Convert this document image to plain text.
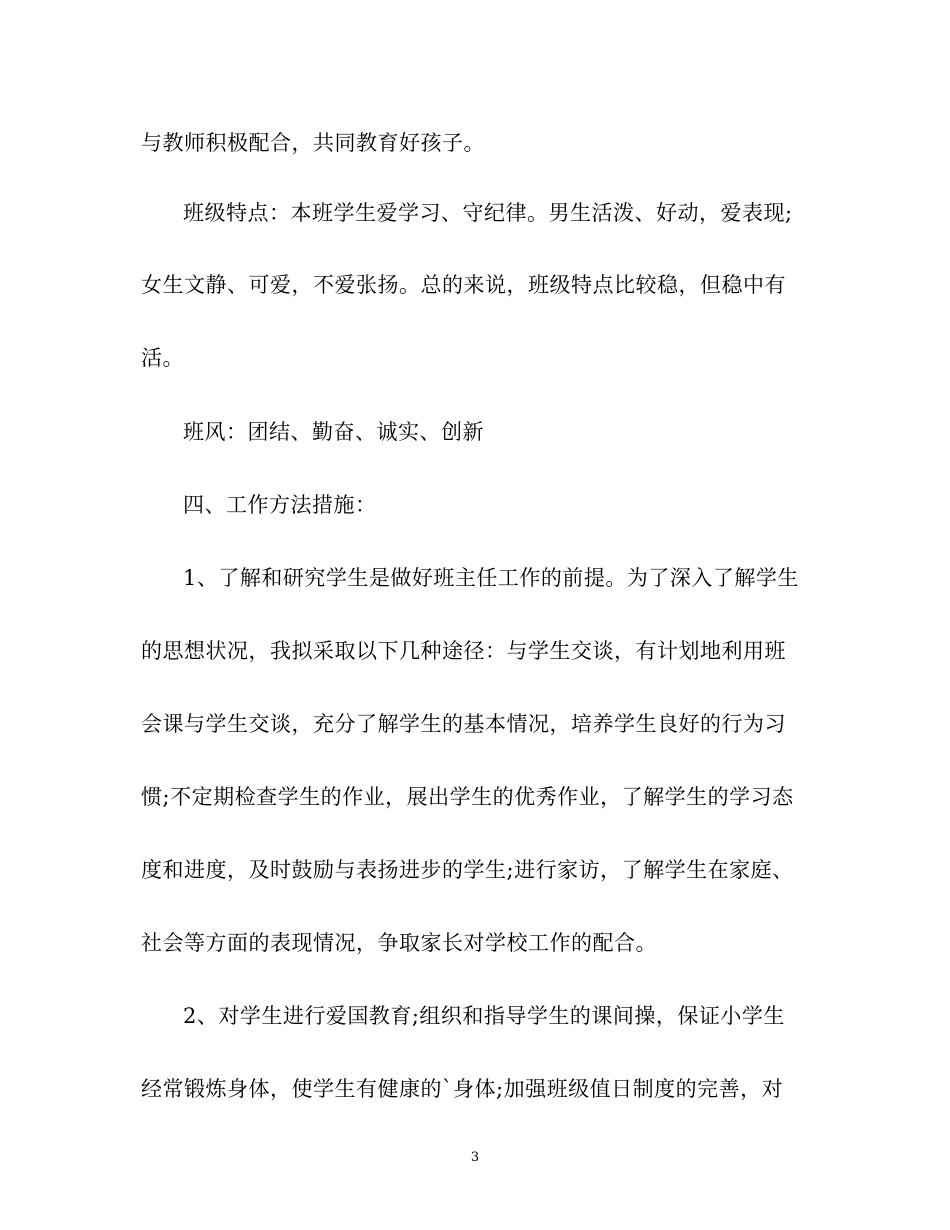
与教师积极配合，共同教育好孩子。
班级特点：本班学生爱学习、守纪律。男生活泼、好动，爱表现;
女生文静、可爱，不爱张扬。总的来说，班级特点比较稳，但稳中有
活。
班风：团结、勤奋、诚实、创新
四、工作方法措施：
1、了解和研究学生是做好班主任工作的前提。为了深入了解学生
的思想状况，我拟采取以下几种途径：与学生交谈，有计划地利用班
会课与学生交谈，充分了解学生的基本情况，培养学生良好的行为习
惯;不定期检查学生的作业，展出学生的优秀作业，了解学生的学习态
度和进度，及时鼓励与表扬进步的学生;进行家访，了解学生在家庭、
社会等方面的表现情况，争取家长对学校工作的配合。
2、对学生进行爱国教育;组织和指导学生的课间操，保证小学生
经常锻炼身体，使学生有健康的`身体;加强班级值日制度的完善，对
3
